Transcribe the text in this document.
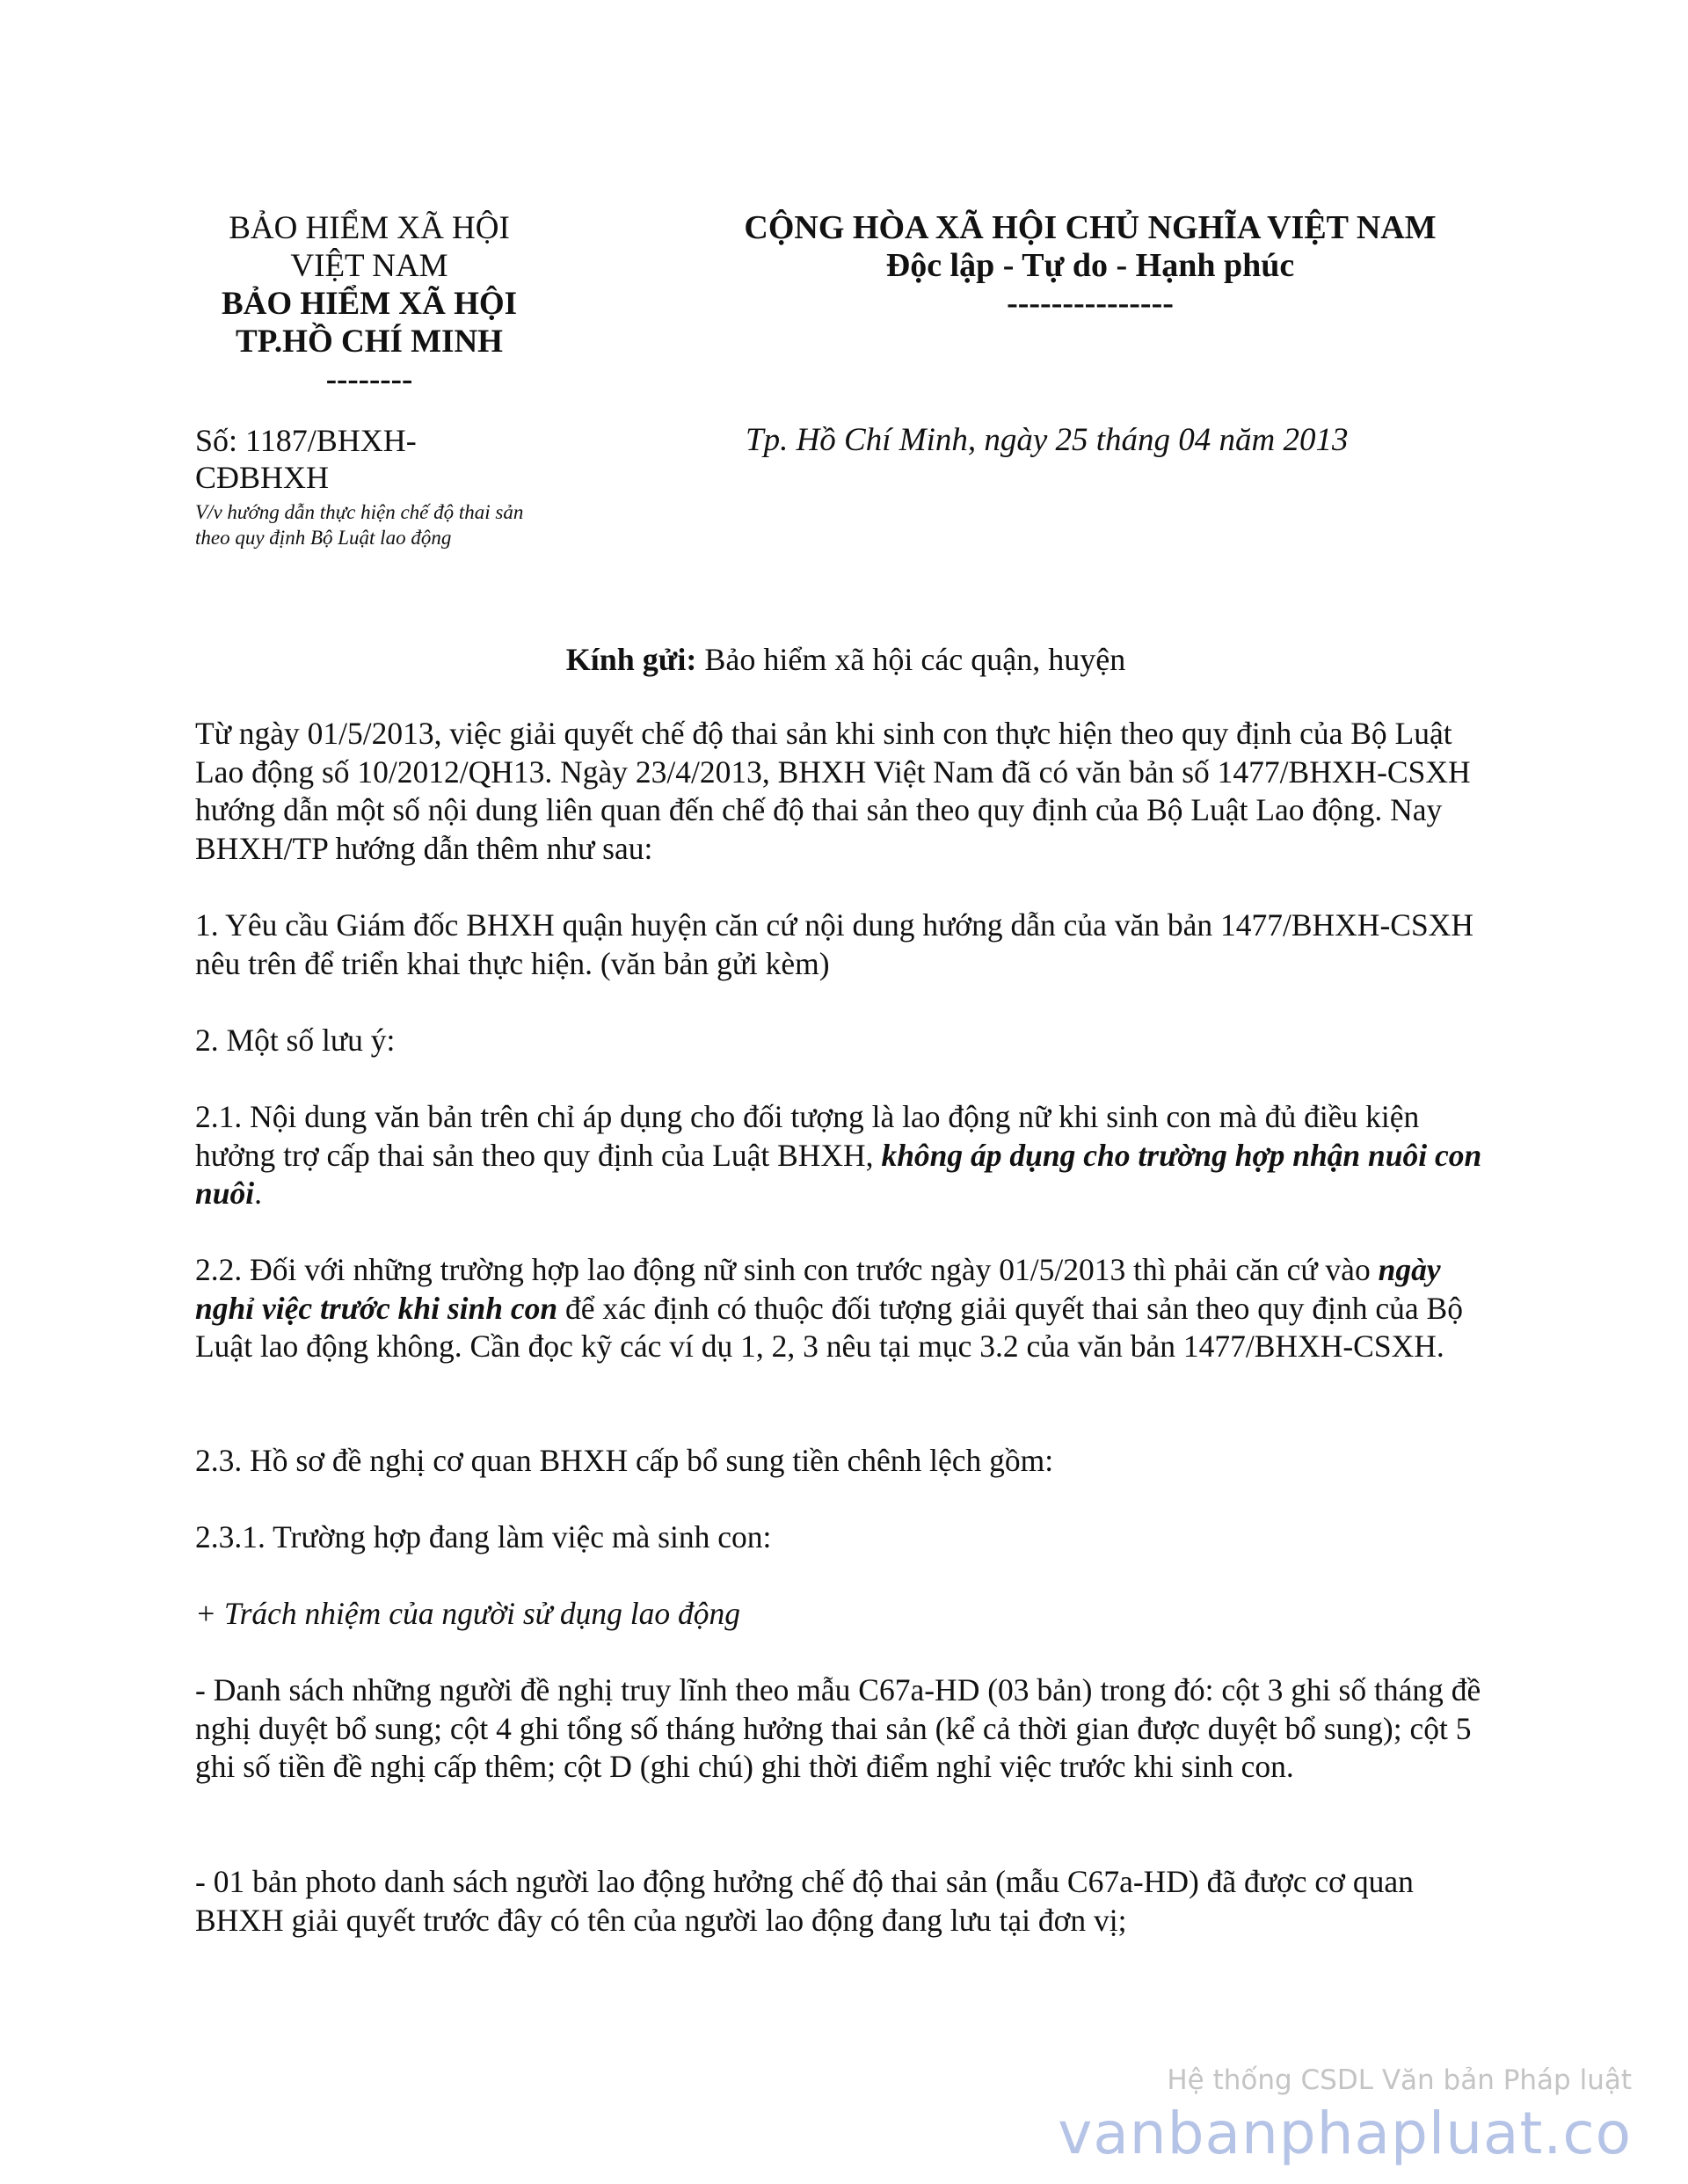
BẢO HIỂM XÃ HỘI
VIỆT NAM
BẢO HIỂM XÃ HỘI
TP.HỒ CHÍ MINH
--------
CỘNG HÒA XÃ HỘI CHỦ NGHĨA VIỆT NAM
Độc lập - Tự do - Hạnh phúc
---------------
Số: 1187/BHXH-
CĐBHXH
V/v hướng dẫn thực hiện chế độ thai sản theo quy định Bộ Luật lao động
Tp. Hồ Chí Minh, ngày 25 tháng 04 năm 2013
Kính gửi: Bảo hiểm xã hội các quận, huyện
Từ ngày 01/5/2013, việc giải quyết chế độ thai sản khi sinh con thực hiện theo quy định của Bộ Luật Lao động số 10/2012/QH13. Ngày 23/4/2013, BHXH Việt Nam đã có văn bản số 1477/BHXH-CSXH hướng dẫn một số nội dung liên quan đến chế độ thai sản theo quy định của Bộ Luật Lao động. Nay BHXH/TP hướng dẫn thêm như sau:
1. Yêu cầu Giám đốc BHXH quận huyện căn cứ nội dung hướng dẫn của văn bản 1477/BHXH-CSXH nêu trên để triển khai thực hiện. (văn bản gửi kèm)
2. Một số lưu ý:
2.1. Nội dung văn bản trên chỉ áp dụng cho đối tượng là lao động nữ khi sinh con mà đủ điều kiện hưởng trợ cấp thai sản theo quy định của Luật BHXH, không áp dụng cho trường hợp nhận nuôi con nuôi.
2.2. Đối với những trường hợp lao động nữ sinh con trước ngày 01/5/2013 thì phải căn cứ vào ngày nghỉ việc trước khi sinh con để xác định có thuộc đối tượng giải quyết thai sản theo quy định của Bộ Luật lao động không. Cần đọc kỹ các ví dụ 1, 2, 3 nêu tại mục 3.2 của văn bản 1477/BHXH-CSXH.
2.3. Hồ sơ đề nghị cơ quan BHXH cấp bổ sung tiền chênh lệch gồm:
2.3.1. Trường hợp đang làm việc mà sinh con:
+ Trách nhiệm của người sử dụng lao động
- Danh sách những người đề nghị truy lĩnh theo mẫu C67a-HD (03 bản) trong đó: cột 3 ghi số tháng đề nghị duyệt bổ sung; cột 4 ghi tổng số tháng hưởng thai sản (kể cả thời gian được duyệt bổ sung); cột 5 ghi số tiền đề nghị cấp thêm; cột D (ghi chú) ghi thời điểm nghỉ việc trước khi sinh con.
- 01 bản photo danh sách người lao động hưởng chế độ thai sản (mẫu C67a-HD) đã được cơ quan BHXH giải quyết trước đây có tên của người lao động đang lưu tại đơn vị;
Hệ thống CSDL Văn bản Pháp luật
vanbanphapluat.co
